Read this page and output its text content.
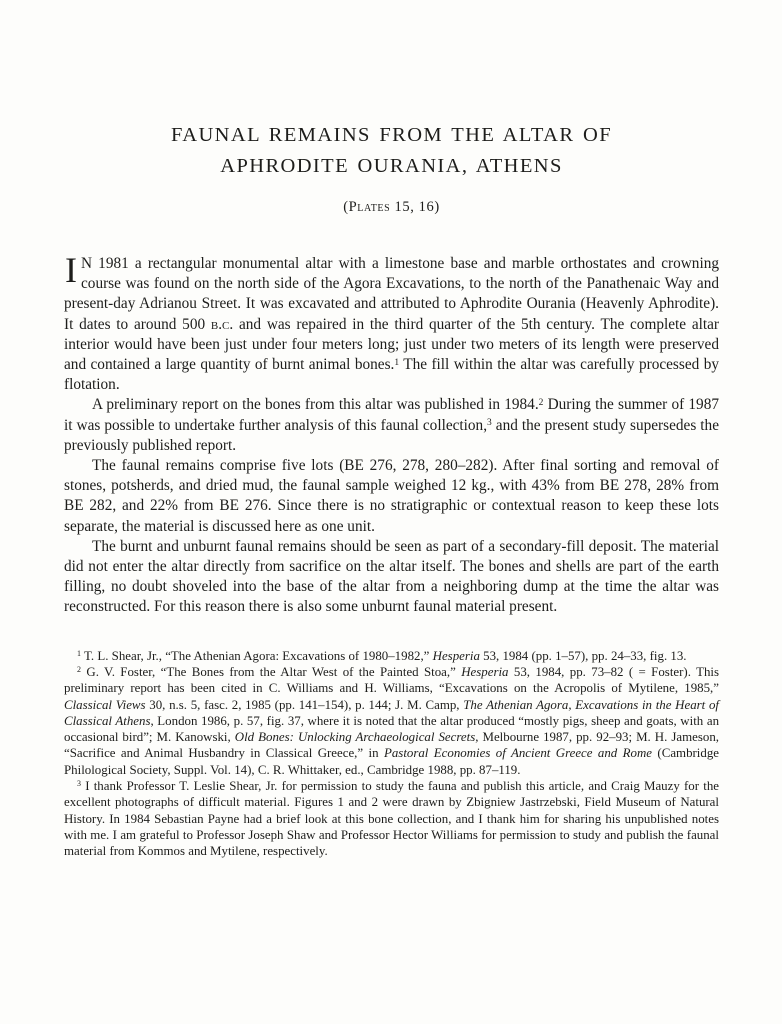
FAUNAL REMAINS FROM THE ALTAR OF
APHRODITE OURANIA, ATHENS
(Plates 15, 16)

I N 1981 a rectangular monumental altar with a limestone base and marble orthostates and crowning course was found on the north side of the Agora Excavations, to the north of the Panathenaic Way and present-day Adrianou Street. It was excavated and attributed to Aphrodite Ourania (Heavenly Aphrodite). It dates to around 500 b.c. and was repaired in the third quarter of the 5th century. The complete altar interior would have been just under four meters long; just under two meters of its length were preserved and contained a large quantity of burnt animal bones.$^1$ The fill within the altar was carefully processed by flotation.

A preliminary report on the bones from this altar was published in 1984.$^2$ During the summer of 1987 it was possible to undertake further analysis of this faunal collection,$^3$ and the present study supersedes the previously published report.

The faunal remains comprise five lots (BE 276, 278, 280–282). After final sorting and removal of stones, potsherds, and dried mud, the faunal sample weighed 12 kg., with 43% from BE 278, 28% from BE 282, and 22% from BE 276. Since there is no stratigraphic or contextual reason to keep these lots separate, the material is discussed here as one unit.

The burnt and unburnt faunal remains should be seen as part of a secondary-fill deposit. The material did not enter the altar directly from sacrifice on the altar itself. The bones and shells are part of the earth filling, no doubt shoveled into the base of the altar from a neighboring dump at the time the altar was reconstructed. For this reason there is also some unburnt faunal material present.

$^1$ T. L. Shear, Jr., “The Athenian Agora: Excavations of 1980–1982,” Hesperia 53, 1984 (pp. 1–57), pp. 24–33, fig. 13.

$^2$ G. V. Foster, “The Bones from the Altar West of the Painted Stoa,” Hesperia 53, 1984, pp. 73–82 ( = Foster). This preliminary report has been cited in C. Williams and H. Williams, “Excavations on the Acropolis of Mytilene, 1985,” Classical Views 30, n.s. 5, fasc. 2, 1985 (pp. 141–154), p. 144; J. M. Camp, The Athenian Agora, Excavations in the Heart of Classical Athens, London 1986, p. 57, fig. 37, where it is noted that the altar produced “mostly pigs, sheep and goats, with an occasional bird”; M. Kanowski, Old Bones: Unlocking Archaeological Secrets, Melbourne 1987, pp. 92–93; M. H. Jameson, “Sacrifice and Animal Husbandry in Classical Greece,” in Pastoral Economies of Ancient Greece and Rome (Cambridge Philological Society, Suppl. Vol. 14), C. R. Whittaker, ed., Cambridge 1988, pp. 87–119.

$^3$ I thank Professor T. Leslie Shear, Jr. for permission to study the fauna and publish this article, and Craig Mauzy for the excellent photographs of difficult material. Figures 1 and 2 were drawn by Zbigniew Jastrzebski, Field Museum of Natural History. In 1984 Sebastian Payne had a brief look at this bone collection, and I thank him for sharing his unpublished notes with me. I am grateful to Professor Joseph Shaw and Professor Hector Williams for permission to study and publish the faunal material from Kommos and Mytilene, respectively.
